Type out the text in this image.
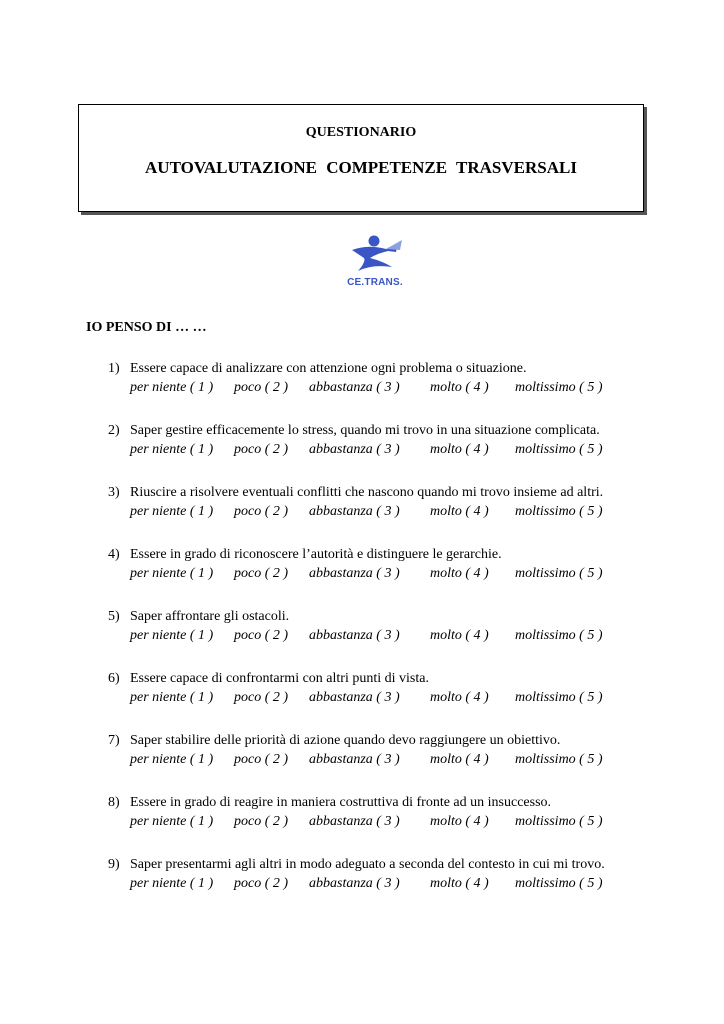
QUESTIONARIO
AUTOVALUTAZIONE COMPETENZE TRASVERSALI
CE.TRANS.
IO PENSO DI … …
1) Essere capace di analizzare con attenzione ogni problema o situazione.
per niente ( 1 ) poco ( 2 ) abbastanza ( 3 ) molto ( 4 ) moltissimo ( 5 )
2) Saper gestire efficacemente lo stress, quando mi trovo in una situazione complicata.
per niente ( 1 ) poco ( 2 ) abbastanza ( 3 ) molto ( 4 ) moltissimo ( 5 )
3) Riuscire a risolvere eventuali conflitti che nascono quando mi trovo insieme ad altri.
per niente ( 1 ) poco ( 2 ) abbastanza ( 3 ) molto ( 4 ) moltissimo ( 5 )
4) Essere in grado di riconoscere l’autorità e distinguere le gerarchie.
per niente ( 1 ) poco ( 2 ) abbastanza ( 3 ) molto ( 4 ) moltissimo ( 5 )
5) Saper affrontare gli ostacoli.
per niente ( 1 ) poco ( 2 ) abbastanza ( 3 ) molto ( 4 ) moltissimo ( 5 )
6) Essere capace di confrontarmi con altri punti di vista.
per niente ( 1 ) poco ( 2 ) abbastanza ( 3 ) molto ( 4 ) moltissimo ( 5 )
7) Saper stabilire delle priorità di azione quando devo raggiungere un obiettivo.
per niente ( 1 ) poco ( 2 ) abbastanza ( 3 ) molto ( 4 ) moltissimo ( 5 )
8) Essere in grado di reagire in maniera costruttiva di fronte ad un insuccesso.
per niente ( 1 ) poco ( 2 ) abbastanza ( 3 ) molto ( 4 ) moltissimo ( 5 )
9) Saper presentarmi agli altri in modo adeguato a seconda del contesto in cui mi trovo.
per niente ( 1 ) poco ( 2 ) abbastanza ( 3 ) molto ( 4 ) moltissimo ( 5 )
